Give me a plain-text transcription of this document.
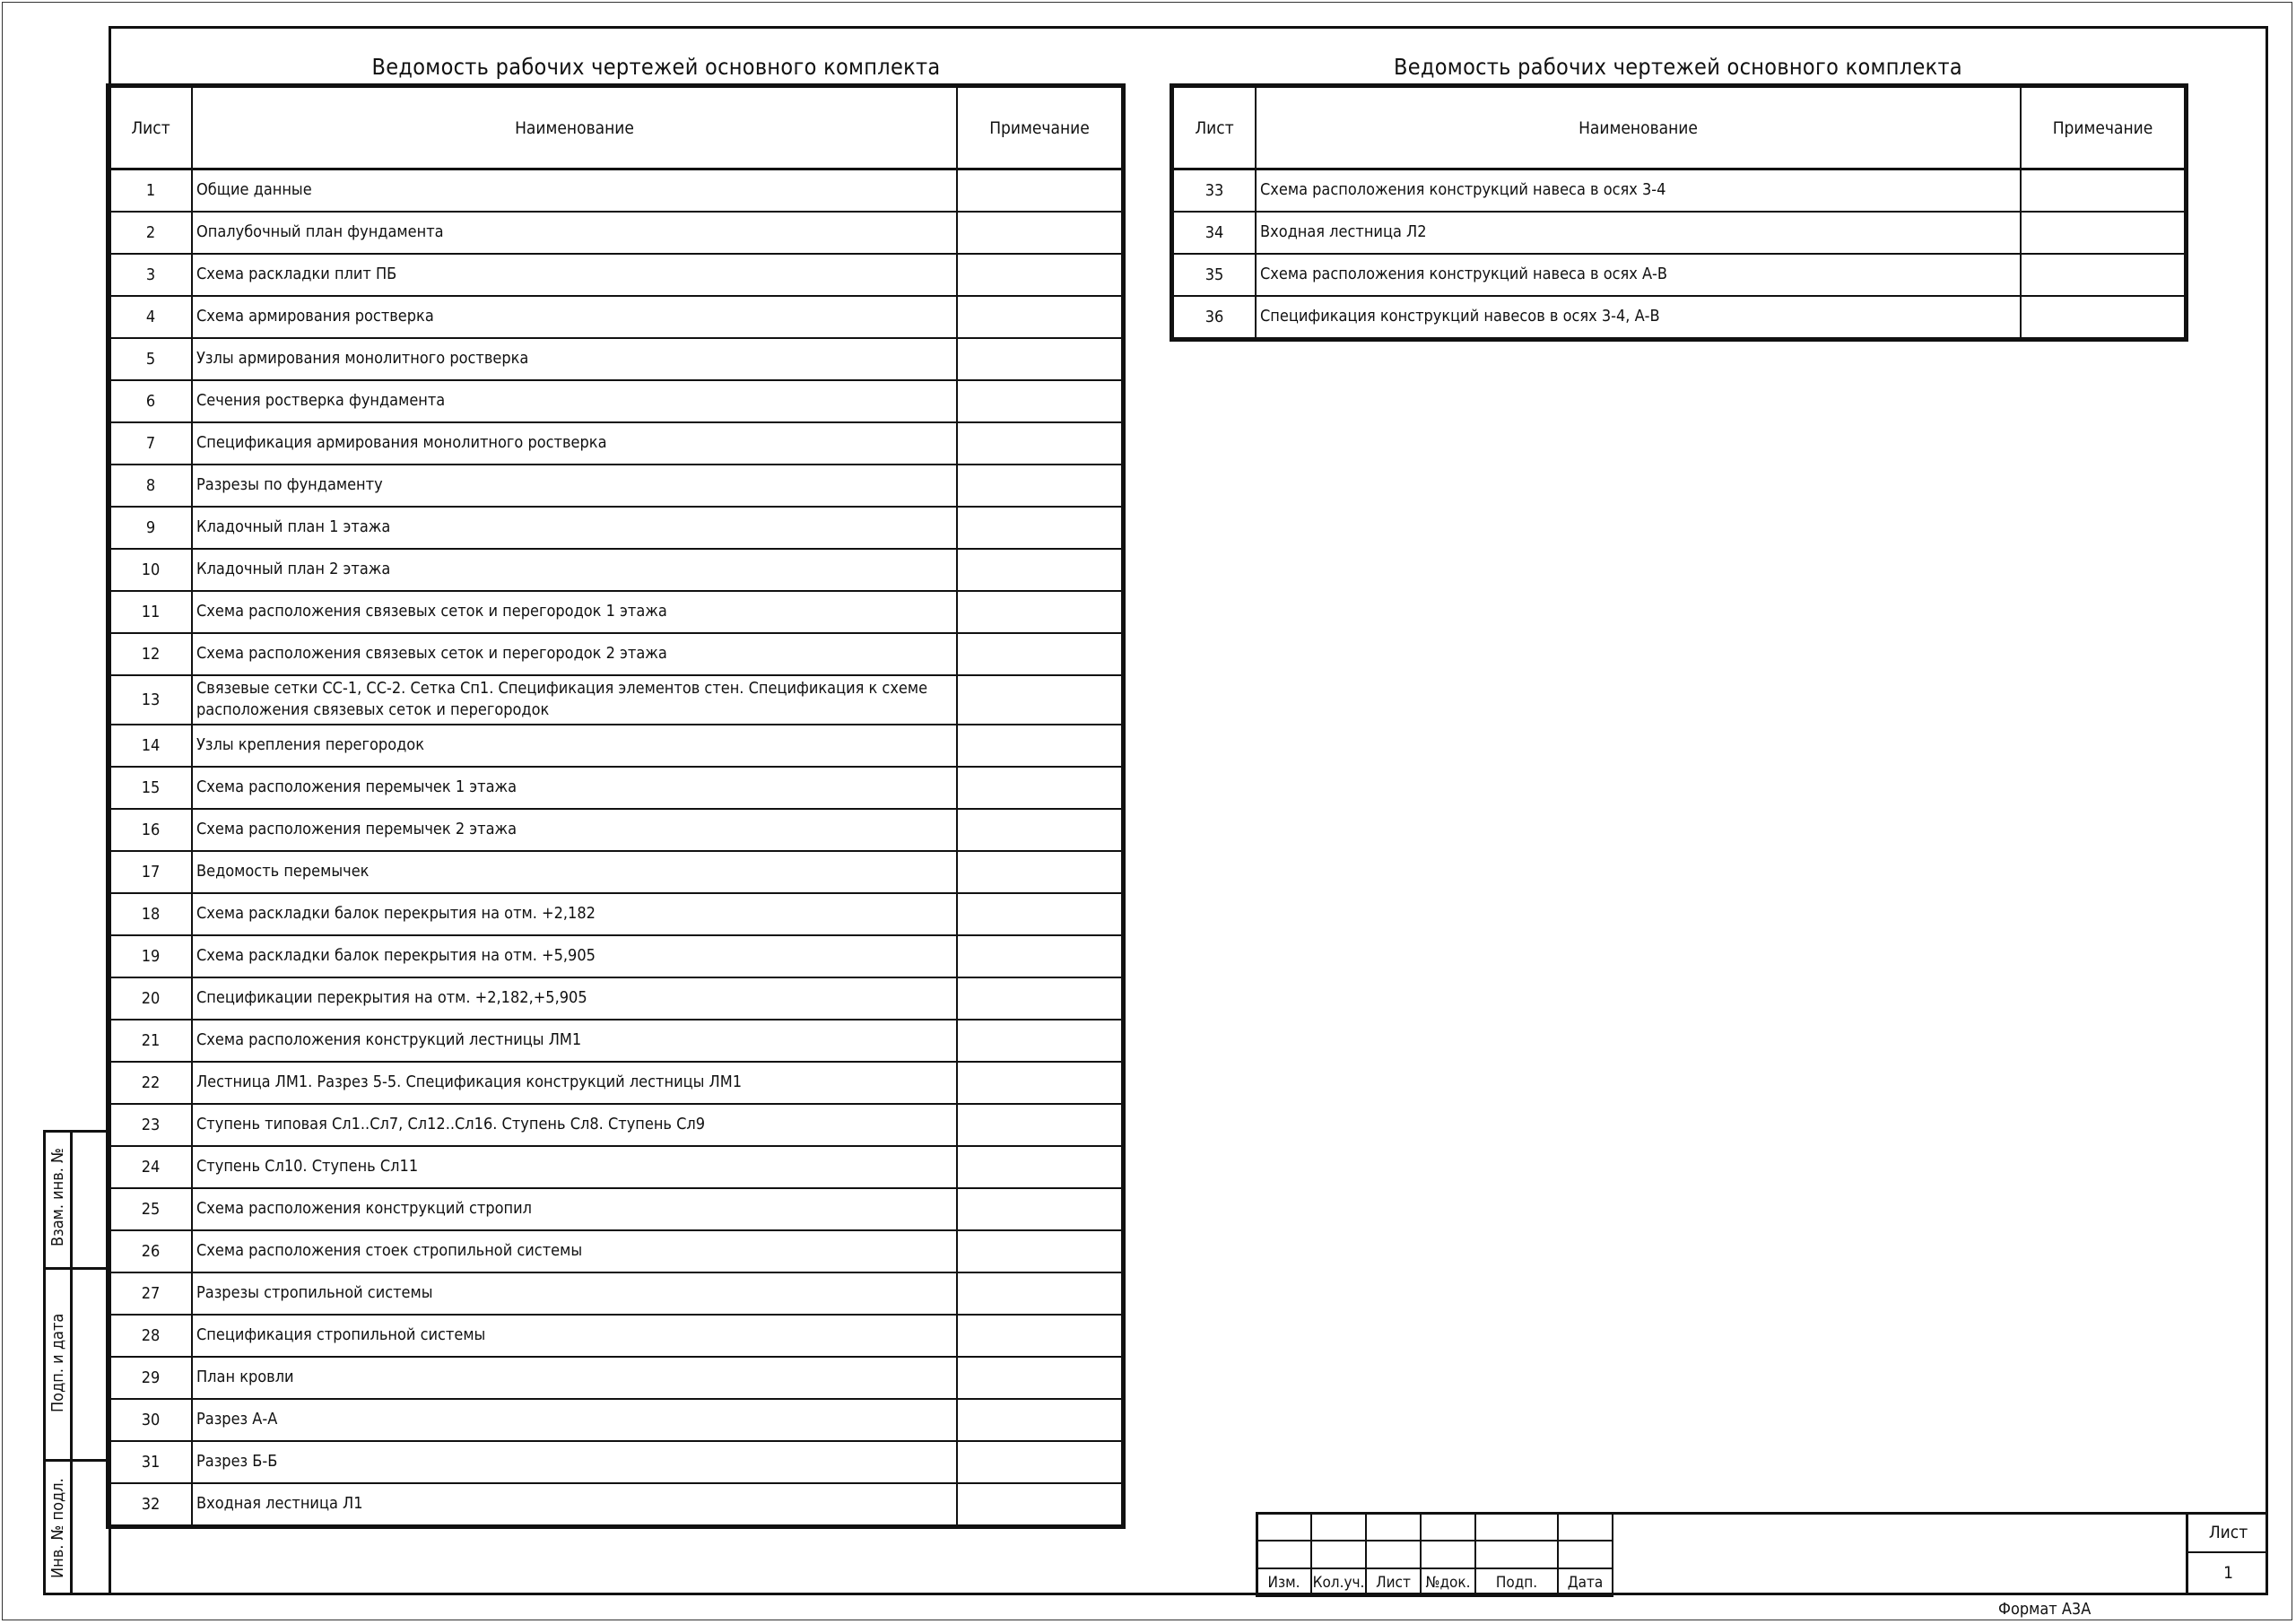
Ведомость рабочих чертежей основного комплекта	Ведомость рабочих чертежей основного комплекта
Лист	Наименование	Примечание
1	Общие данные	
2	Опалубочный план фундамента	
3	Схема раскладки плит ПБ	
4	Схема армирования ростверка	
5	Узлы армирования монолитного ростверка	
6	Сечения ростверка фундамента	
7	Спецификация армирования монолитного ростверка	
8	Разрезы по фундаменту	
9	Кладочный план 1 этажа	
10	Кладочный план 2 этажа	
11	Схема расположения связевых сеток и перегородок 1 этажа	
12	Схема расположения связевых сеток и перегородок 2 этажа	
13	Связевые сетки СС-1, СС-2. Сетка Сп1. Спецификация элементов стен. Спецификация к схеме расположения связевых сеток и перегородок	
14	Узлы крепления перегородок	
15	Схема расположения перемычек 1 этажа	
16	Схема расположения перемычек 2 этажа	
17	Ведомость перемычек	
18	Схема раскладки балок перекрытия на отм. +2,182	
19	Схема раскладки балок перекрытия на отм. +5,905	
20	Спецификации перекрытия на отм. +2,182,+5,905	
21	Схема расположения конструкций лестницы ЛМ1	
22	Лестница ЛМ1. Разрез 5-5. Спецификация конструкций лестницы ЛМ1	
23	Ступень типовая Сл1..Сл7, Сл12..Сл16. Ступень Сл8. Ступень Сл9	
24	Ступень Сл10. Ступень Сл11	
25	Схема расположения конструкций стропил	
26	Схема расположения стоек стропильной системы	
27	Разрезы стропильной системы	
28	Спецификация стропильной системы	
29	План кровли	
30	Разрез А-А	
31	Разрез Б-Б	
32	Входная лестница Л1	
Лист	Наименование	Примечание
33	Схема расположения конструкций навеса в осях 3-4	
34	Входная лестница Л2	
35	Схема расположения конструкций навеса в осях А-В	
36	Спецификация конструкций навесов в осях 3-4, А-В	
Взам. инв. №
Подп. и дата
Инв. № подл.

Изм.	Кол.уч.	Лист	№док.	Подп.	Дата
Лист
1
Формат А3А
